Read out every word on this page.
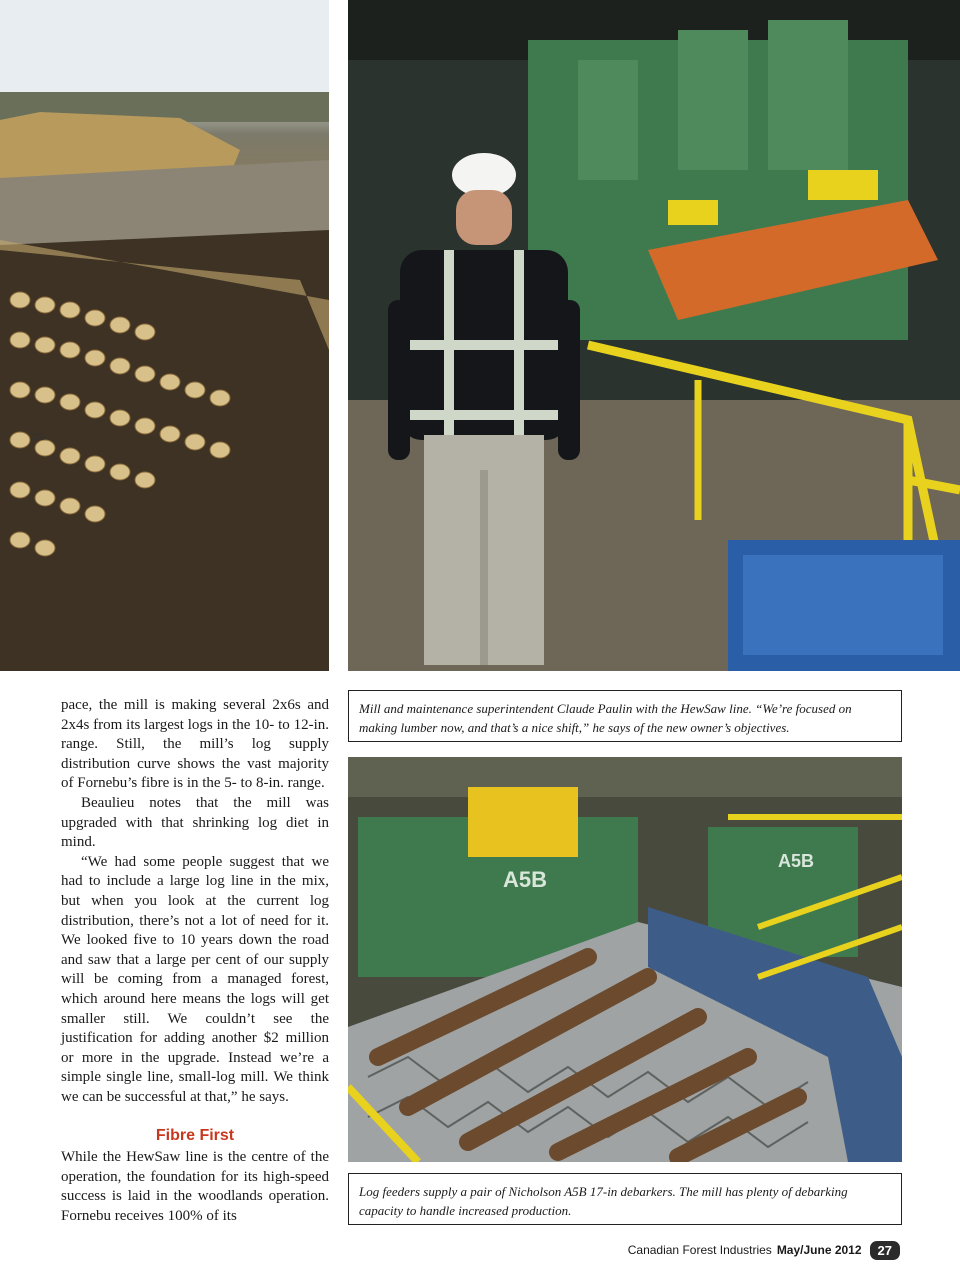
21b
Mill and maintenance superintendent Claude Paulin with the HewSaw line. “We’re focused on making lumber now, and that’s a nice shift,” he says of the new owner’s objectives.
A5B
A5B
Log feeders supply a pair of Nicholson A5B 17-in debarkers. The mill has plenty of debarking capacity to handle increased production.

pace, the mill is making several 2x6s and 2x4s from its largest logs in the 10- to 12-in. range. Still, the mill’s log supply distribution curve shows the vast majority of Fornebu’s fibre is in the 5- to 8-in. range.

Beaulieu notes that the mill was upgraded with that shrinking log diet in mind.

“We had some people suggest that we had to include a large log line in the mix, but when you look at the current log distribution, there’s not a lot of need for it. We looked five to 10 years down the road and saw that a large per cent of our supply will be coming from a managed forest, which around here means the logs will get smaller still. We couldn’t see the justification for adding another $2 million or more in the upgrade. Instead we’re a simple single line, small-log mill. We think we can be successful at that,” he says.

Fibre First

While the HewSaw line is the centre of the operation, the foundation for its high-speed success is laid in the woodlands operation. Fornebu receives 100% of its

Canadian Forest Industries May/June 2012	27
